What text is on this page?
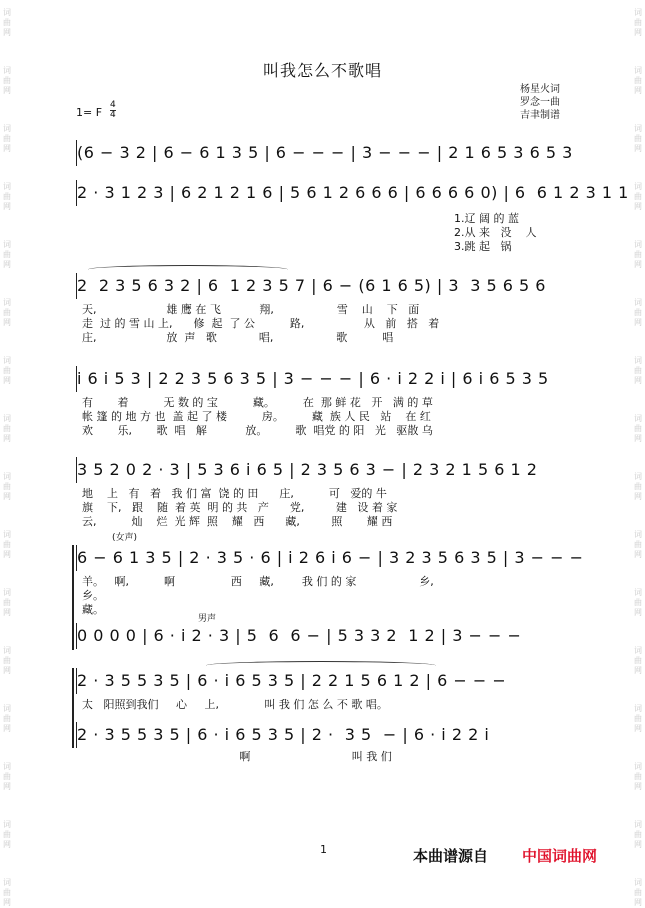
词
曲
网
词
曲
网
词
曲
网
词
曲
网
词
曲
网
词
曲
网
词
曲
网
词
曲
网
词
曲
网
词
曲
网
词
曲
网
词
曲
网
词
曲
网
词
曲
网
词
曲
网
词
曲
网
词
曲
网
词
曲
网
词
曲
网
词
曲
网
词
曲
网
词
曲
网
词
曲
网
词
曲
网
词
曲
网
词
曲
网
词
曲
网
词
曲
网
词
曲
网
词
曲
网
词
曲
网
词
曲
网
叫我怎么不歌唱
杨星火词
罗念一曲
吉聿制谱
1= F
4
4
(6 − 3 2 | 6 − 6 1 3 5 | 6 − − − | 3 − − − | 2 1 6 5 3 6 5 3
2 · 3 1 2 3 | 6 2 1 2 1 6 | 5 6 1 2 6 6 6 | 6 6 6 6 0) | 6  6 1 2 3 1 1
1.辽 阔 的 蓝
2.从 来   没    人
3.跳 起   锅
2  2 3 5 6 3 2 | 6  1 2 3 5 7 | 6 − (6 1 6 5) | 3  3 5 6 5 6
天,                    雄 鹰 在 飞           翔,                  雪    山    下   面
走  过 的 雪 山 上,      修  起  了 公          路,                 从   前   搭   着
庄,                    放  声   歌            唱,                  歌          唱
i 6 i 5 3 | 2 2 3 5 6 3 5 | 3 − − − | 6 · i 2 2 i | 6 i 6 5 3 5
有       着          无 数 的 宝          藏。        在  那 鲜 花   开   满 的 草
帐 篷 的 地 方 也  盖 起 了 楼          房。        藏  族 人 民   站    在 红
欢       乐,       歌  唱   解           放。        歌  唱党 的 阳   光   驱散 乌
3 5 2 0 2 · 3 | 5 3 6 i 6 5 | 2 3 5 6 3 − | 2 3 2 1 5 6 1 2
地    上   有   着   我 们 富  饶 的 田      庄,          可   爱的 牛
旗    下,   跟    随  着 英  明 的 共   产      党,         建   设 着 家
云,          灿    烂  光 辉  照    耀   西      藏,         照       耀 西
(女声)
6 − 6 1 3 5 | 2 · 3 5 · 6 | i 2 6 i 6 − | 3 2 3 5 6 3 5 | 3 − − −
羊。   啊,          啊                西     藏,        我 们 的 家                  乡,
乡。
藏。
男声
0 0 0 0 | 6 · i 2 · 3 | 5  6  6 − | 5 3 3 2  1 2 | 3 − − −
2 · 3 5 5 3 5 | 6 · i 6 5 3 5 | 2 2 1 5 6 1 2 | 6 − − −
太   阳照到我们     心     上,             叫 我 们 怎 么 不 歌 唱。
2 · 3 5 5 3 5 | 6 · i 6 5 3 5 | 2 ·  3 5  − | 6 · i 2 2 i
啊                             叫 我 们
1	本曲谱源自 中国词曲网
